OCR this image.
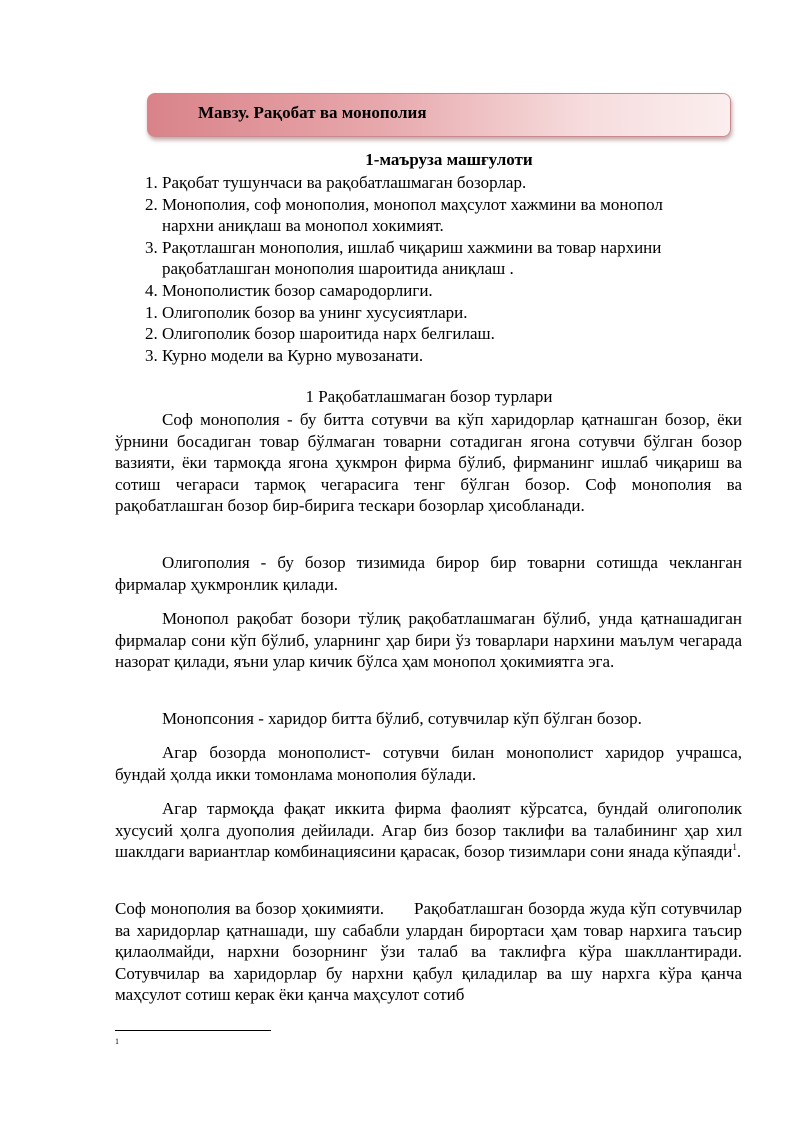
Мавзу. Рақобат ва монополия
1-маъруза машғулоти
1. Рақобат тушунчаси ва рақобатлашмаган бозорлар.
2. Монополия, соф монополия, монопол маҳсулот хажмини ва монопол
нархни аниқлаш ва монопол хокимият.
3. Рақотлашган монополия, ишлаб чиқариш хажмини ва товар нархини
рақобатлашган монополия шароитида аниқлаш .
4. Монополистик бозор самародорлиги.
1. Олигополик бозор ва унинг хусусиятлари.
2. Олигополик бозор шароитида нарх белгилаш.
3. Курно модели ва Курно мувозанати.
1 Рақобатлашмаган бозор турлари

Соф монополия - бу битта сотувчи ва кўп харидорлар қатнашган бозор, ёки ўрнини босадиган товар бўлмаган товарни сотадиган ягона сотувчи бўлган бозор вазияти, ёки тармоқда ягона ҳукмрон фирма бўлиб, фирманинг ишлаб чиқариш ва сотиш чегараси тармоқ чегарасига тенг бўлган бозор. Соф монополия ва рақобатлашган бозор бир-бирига тескари бозорлар ҳисобланади.

Олигополия - бу бозор тизимида бирор бир товарни сотишда чекланган фирмалар ҳукмронлик қилади.

Монопол рақобат бозори тўлиқ рақобатлашмаган бўлиб, унда қатнашадиган фирмалар сони кўп бўлиб, уларнинг ҳар бири ўз товарлари нархини маълум чегарада назорат қилади, яъни улар кичик бўлса ҳам монопол ҳокимиятга эга.

Монопсония - харидор битта бўлиб, сотувчилар кўп бўлган бозор.

Агар бозорда монополист- сотувчи билан монополист харидор учрашса, бундай ҳолда икки томонлама монополия бўлади.

Агар тармоқда фақат иккита фирма фаолият кўрсатса, бундай олигополик хусусий ҳолга дуополия дейилади. Агар биз бозор таклифи ва талабининг ҳар хил шаклдаги вариантлар комбинациясини қарасак, бозор тизимлари сони янада кўпаяди$^1$.

Соф монополия ва бозор ҳокимияти. Рақобатлашган бозорда жуда кўп сотувчилар ва харидорлар қатнашади, шу сабабли улардан бирортаси ҳам товар нархига таъсир қилаолмайди, нархни бозорнинг ўзи талаб ва таклифга кўра шакллантиради. Сотувчилар ва харидорлар бу нархни қабул қиладилар ва шу нархга кўра қанча маҳсулот сотиш керак ёки қанча маҳсулот сотиб

1
